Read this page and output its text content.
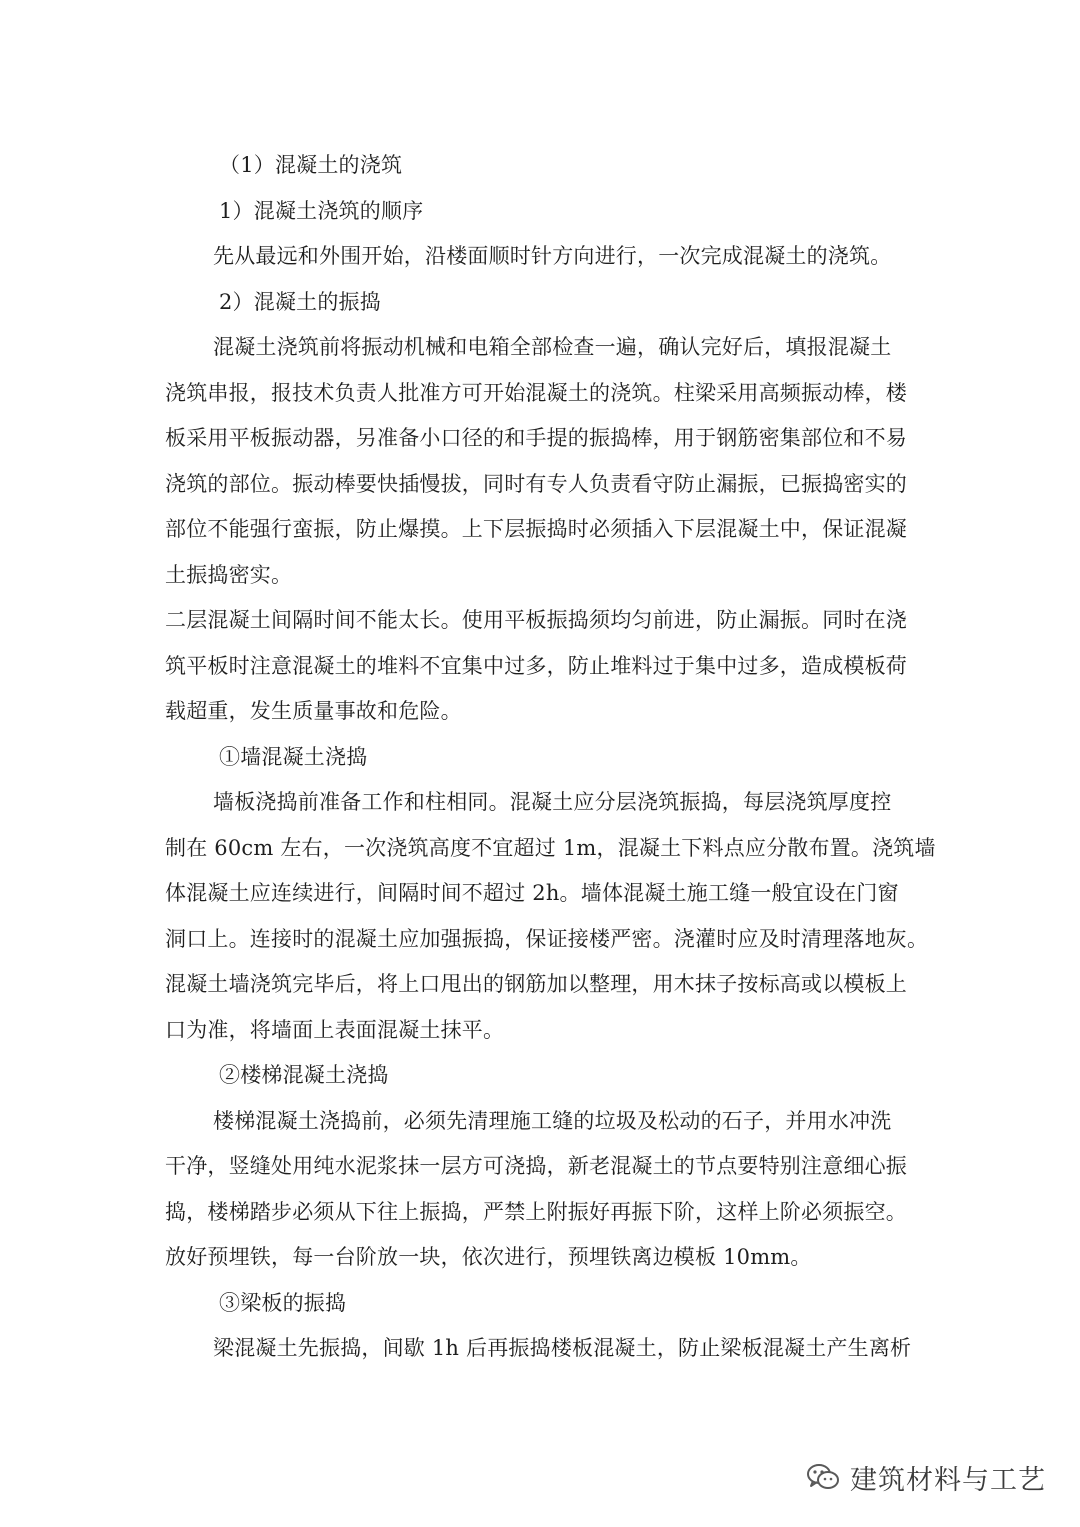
（1）混凝土的浇筑
1）混凝土浇筑的顺序
先从最远和外围开始，沿楼面顺时针方向进行，一次完成混凝土的浇筑。
2）混凝土的振捣
混凝土浇筑前将振动机械和电箱全部检查一遍，确认完好后，填报混凝土
浇筑串报，报技术负责人批准方可开始混凝土的浇筑。柱梁采用高频振动棒，楼
板采用平板振动器，另准备小口径的和手提的振捣棒，用于钢筋密集部位和不易
浇筑的部位。振动棒要快插慢拔，同时有专人负责看守防止漏振，已振捣密实的
部位不能强行蛮振，防止爆摸。上下层振捣时必须插入下层混凝土中，保证混凝
土振捣密实。
二层混凝土间隔时间不能太长。使用平板振捣须均匀前进，防止漏振。同时在浇
筑平板时注意混凝土的堆料不宜集中过多，防止堆料过于集中过多，造成模板荷
载超重，发生质量事故和危险。
①墙混凝土浇捣
墙板浇捣前准备工作和柱相同。混凝土应分层浇筑振捣，每层浇筑厚度控
制在 60cm 左右，一次浇筑高度不宜超过 1m，混凝土下料点应分散布置。浇筑墙
体混凝土应连续进行，间隔时间不超过 2h。墙体混凝土施工缝一般宜设在门窗
洞口上。连接时的混凝土应加强振捣，保证接楼严密。浇灌时应及时清理落地灰。
混凝土墙浇筑完毕后，将上口甩出的钢筋加以整理，用木抹子按标高或以模板上
口为准，将墙面上表面混凝土抹平。
②楼梯混凝土浇捣
楼梯混凝土浇捣前，必须先清理施工缝的垃圾及松动的石子，并用水冲洗
干净，竖缝处用纯水泥浆抹一层方可浇捣，新老混凝土的节点要特别注意细心振
捣，楼梯踏步必须从下往上振捣，严禁上附振好再振下阶，这样上阶必须振空。
放好预埋铁，每一台阶放一块，依次进行，预埋铁离边模板 10mm。
③梁板的振捣
梁混凝土先振捣，间歇 1h 后再振捣楼板混凝土，防止梁板混凝土产生离析
建筑材料与工艺
